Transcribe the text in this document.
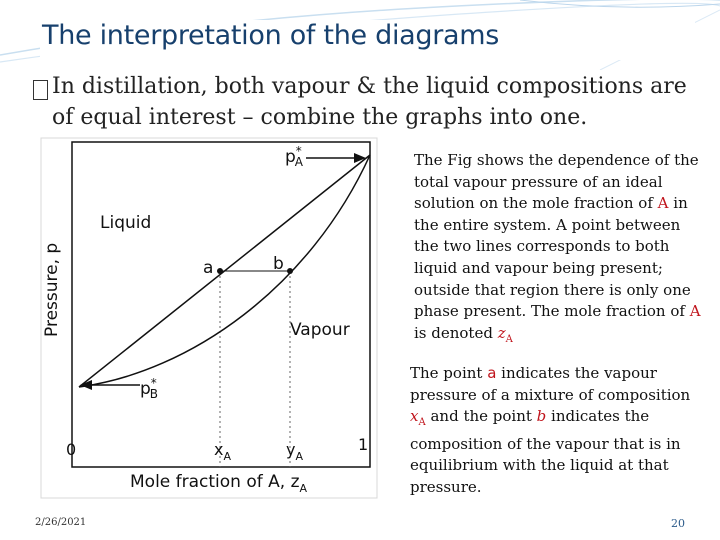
The interpretation of the diagrams
In distillation, both vapour & the liquid compositions are of equal interest – combine the graphs into one.
p* A
p* B
Liquid
Vapour
a	b
Pressure, p
0	1
$x_A$	$y_A$
Mole fraction of A, $z_A$
The Fig shows the dependence of the total vapour pressure of an ideal solution on the mole fraction of A in the entire system. A point between the two lines corresponds to both liquid and vapour being present; outside that region there is only one phase present. The mole fraction of A is denoted $z_A$
The point a indicates the vapour pressure of a mixture of composition $x_A$ and the point b indicates the composition of the vapour that is in equilibrium with the liquid at that pressure.
2/26/2021	20
